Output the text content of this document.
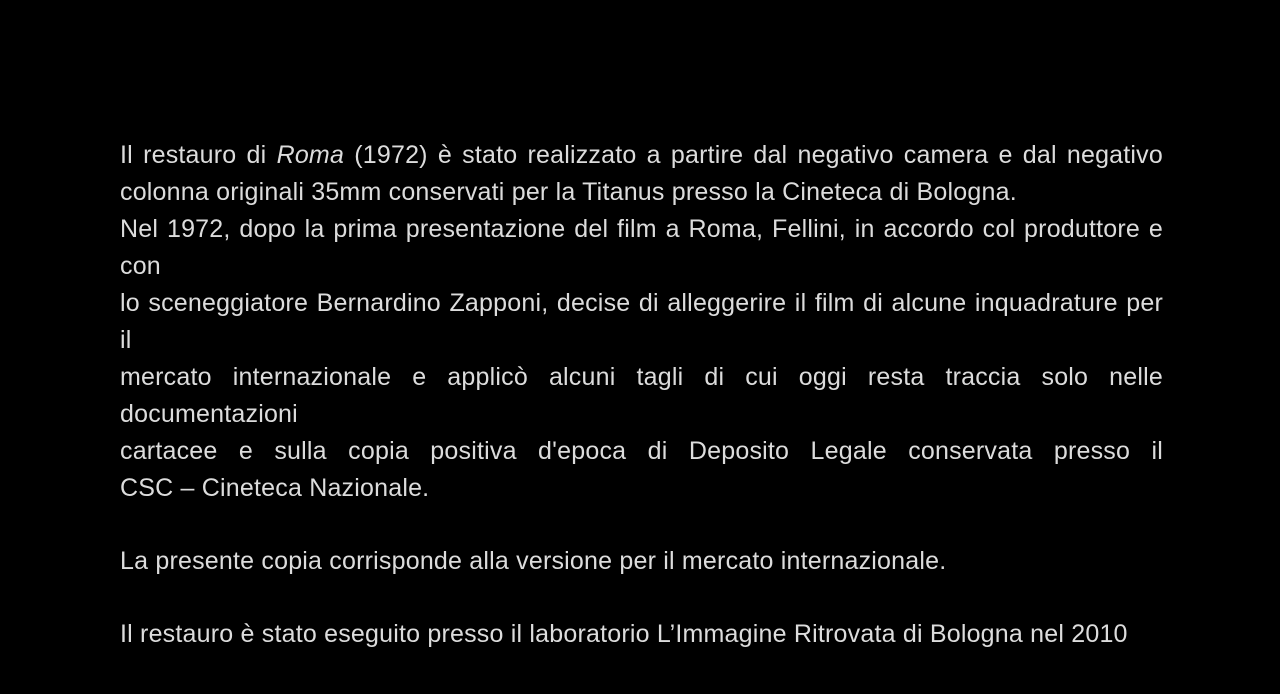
Il restauro di Roma (1972) è stato realizzato a partire dal negativo camera e dal negativo
colonna originali 35mm conservati per la Titanus presso la Cineteca di Bologna.

Nel 1972, dopo la prima presentazione del film a Roma, Fellini, in accordo col produttore e con
lo sceneggiatore Bernardino Zapponi, decise di alleggerire il film di alcune inquadrature per il
mercato internazionale e applicò alcuni tagli di cui oggi resta traccia solo nelle documentazioni
cartacee e sulla copia positiva d'epoca di Deposito Legale conservata presso il
CSC – Cineteca Nazionale.

La presente copia corrisponde alla versione per il mercato internazionale.

Il restauro è stato eseguito presso il laboratorio L’Immagine Ritrovata di Bologna nel 2010
